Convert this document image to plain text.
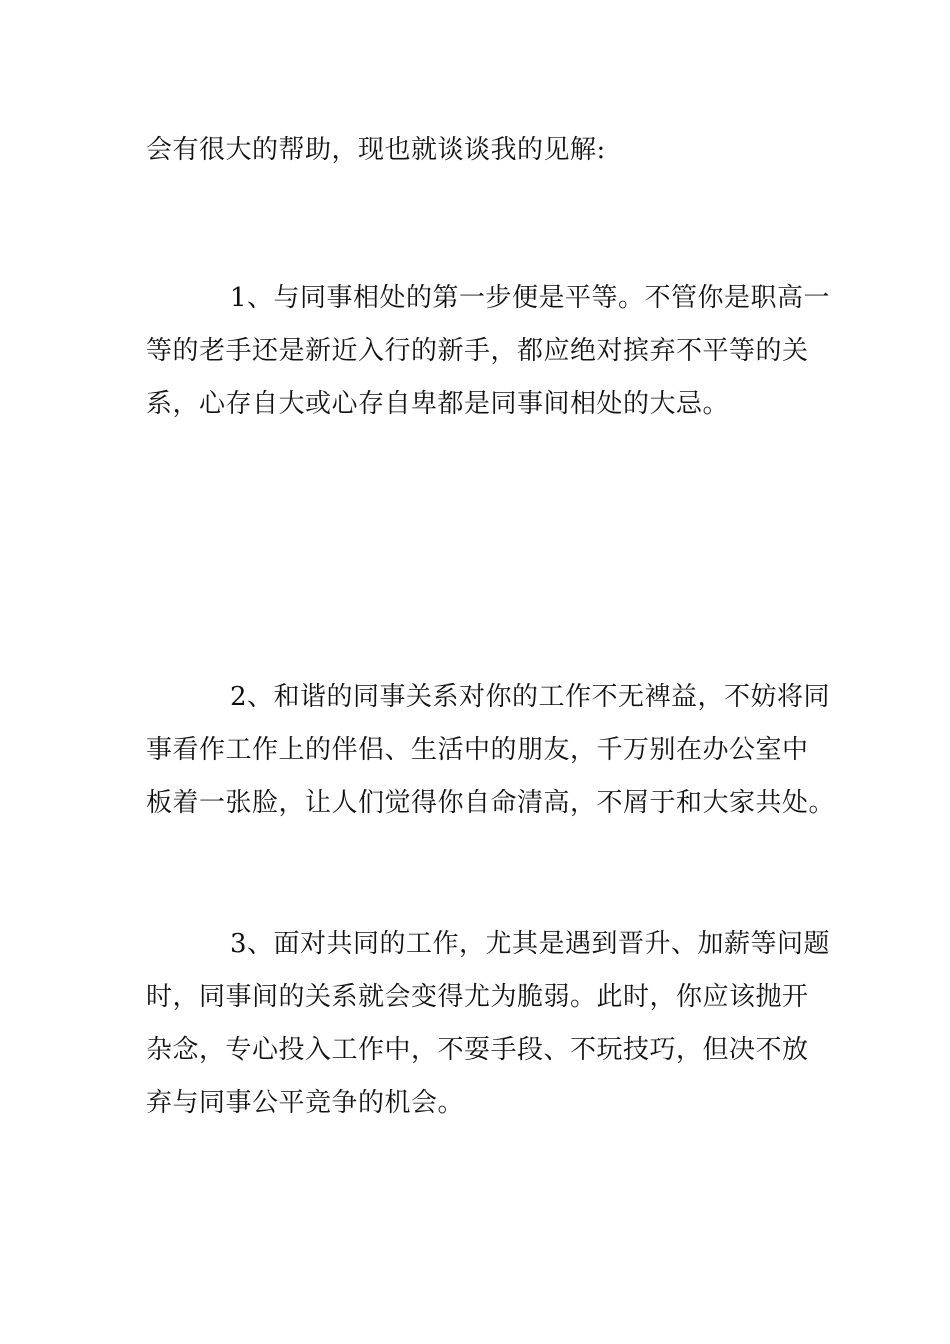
会有很大的帮助，现也就谈谈我的见解:

1、与同事相处的第一步便是平等。不管你是职高一
等的老手还是新近入行的新手，都应绝对摈弃不平等的关
系，心存自大或心存自卑都是同事间相处的大忌。

2、和谐的同事关系对你的工作不无裨益，不妨将同
事看作工作上的伴侣、生活中的朋友，千万别在办公室中
板着一张脸，让人们觉得你自命清高，不屑于和大家共处。

3、面对共同的工作，尤其是遇到晋升、加薪等问题
时，同事间的关系就会变得尤为脆弱。此时，你应该抛开
杂念，专心投入工作中，不耍手段、不玩技巧，但决不放
弃与同事公平竞争的机会。
